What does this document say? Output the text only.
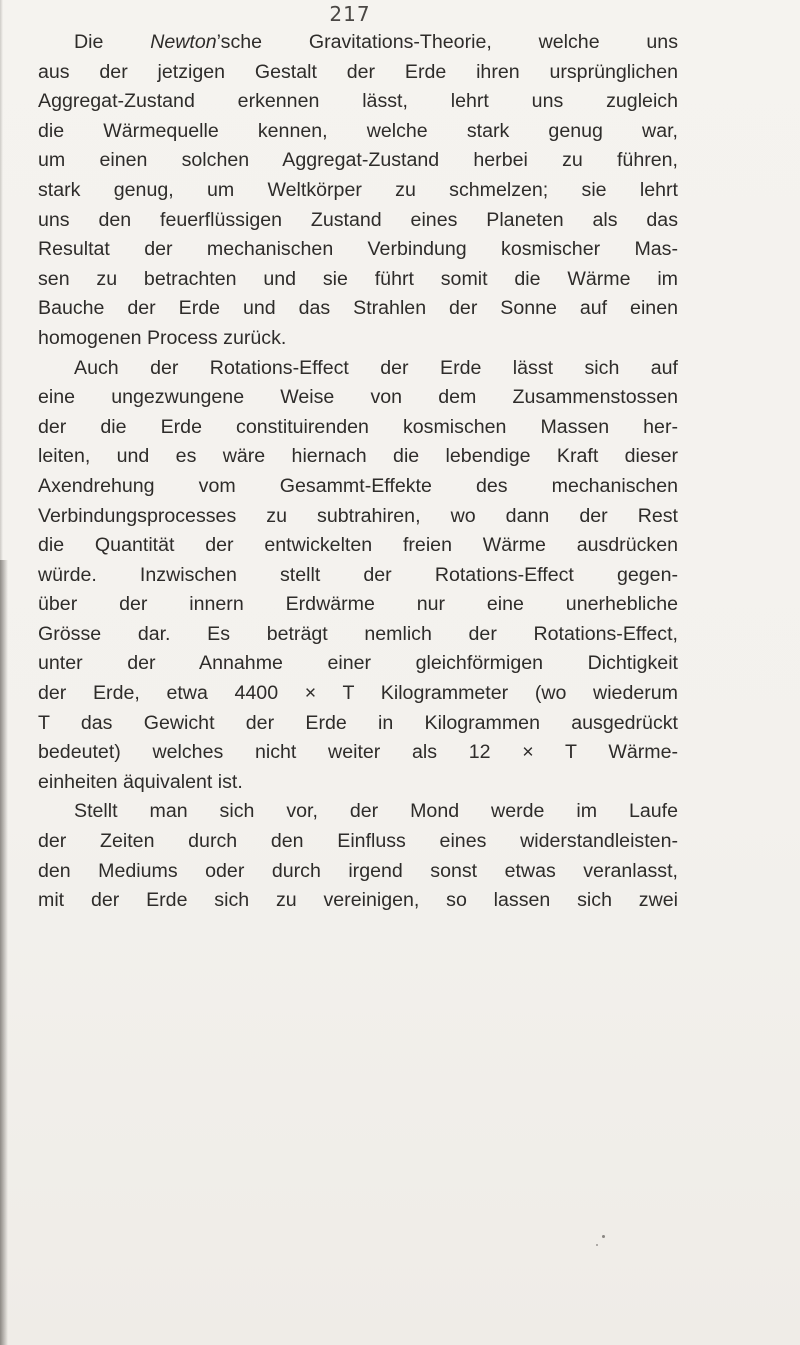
217
Die Newton’sche Gravitations-Theorie, welche uns
aus der jetzigen Gestalt der Erde ihren ursprünglichen
Aggregat-Zustand erkennen lässt, lehrt uns zugleich
die Wärmequelle kennen, welche stark genug war,
um einen solchen Aggregat-Zustand herbei zu führen,
stark genug, um Weltkörper zu schmelzen; sie lehrt
uns den feuerflüssigen Zustand eines Planeten als das
Resultat der mechanischen Verbindung kosmischer Mas-
sen zu betrachten und sie führt somit die Wärme im
Bauche der Erde und das Strahlen der Sonne auf einen
homogenen Process zurück.
Auch der Rotations-Effect der Erde lässt sich auf
eine ungezwungene Weise von dem Zusammenstossen
der die Erde constituirenden kosmischen Massen her-
leiten, und es wäre hiernach die lebendige Kraft dieser
Axendrehung vom Gesammt-Effekte des mechanischen
Verbindungsprocesses zu subtrahiren, wo dann der Rest
die Quantität der entwickelten freien Wärme ausdrücken
würde. Inzwischen stellt der Rotations-Effect gegen-
über der innern Erdwärme nur eine unerhebliche
Grösse dar. Es beträgt nemlich der Rotations-Effect,
unter der Annahme einer gleichförmigen Dichtigkeit
der Erde, etwa 4400 × T Kilogrammeter (wo wiederum
T das Gewicht der Erde in Kilogrammen ausgedrückt
bedeutet) welches nicht weiter als 12 × T Wärme-
einheiten äquivalent ist.
Stellt man sich vor, der Mond werde im Laufe
der Zeiten durch den Einfluss eines widerstandleisten-
den Mediums oder durch irgend sonst etwas veranlasst,
mit der Erde sich zu vereinigen, so lassen sich zwei
